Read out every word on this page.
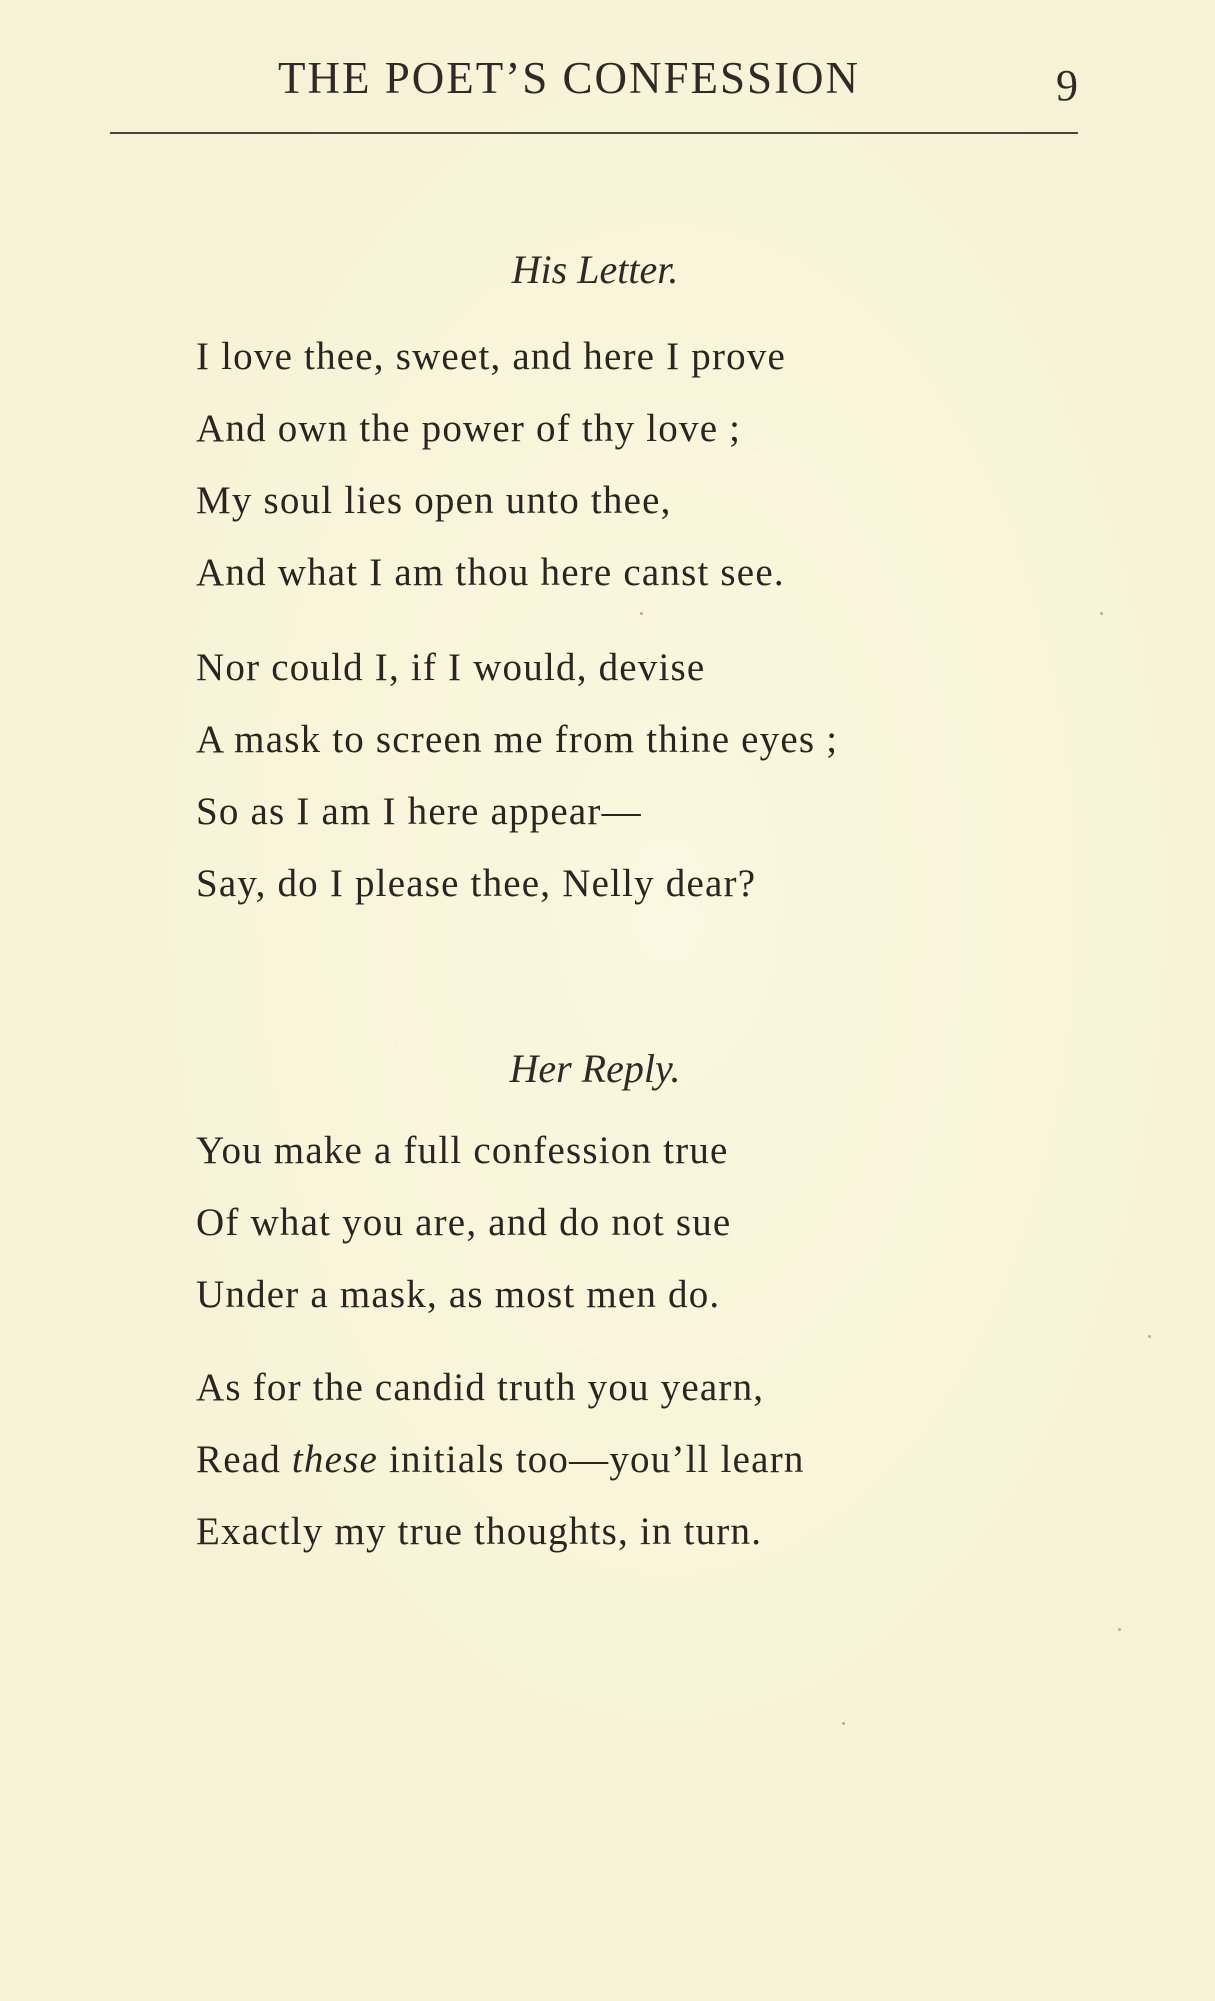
THE POET’S CONFESSION	9
His Letter.
I love thee, sweet, and here I prove
And own the power of thy love ;
My soul lies open unto thee,
And what I am thou here canst see.
Nor could I, if I would, devise
A mask to screen me from thine eyes ;
So as I am I here appear—
Say, do I please thee, Nelly dear?
Her Reply.
You make a full confession true
Of what you are, and do not sue
Under a mask, as most men do.
As for the candid truth you yearn,
Read these initials too—you’ll learn
Exactly my true thoughts, in turn.
